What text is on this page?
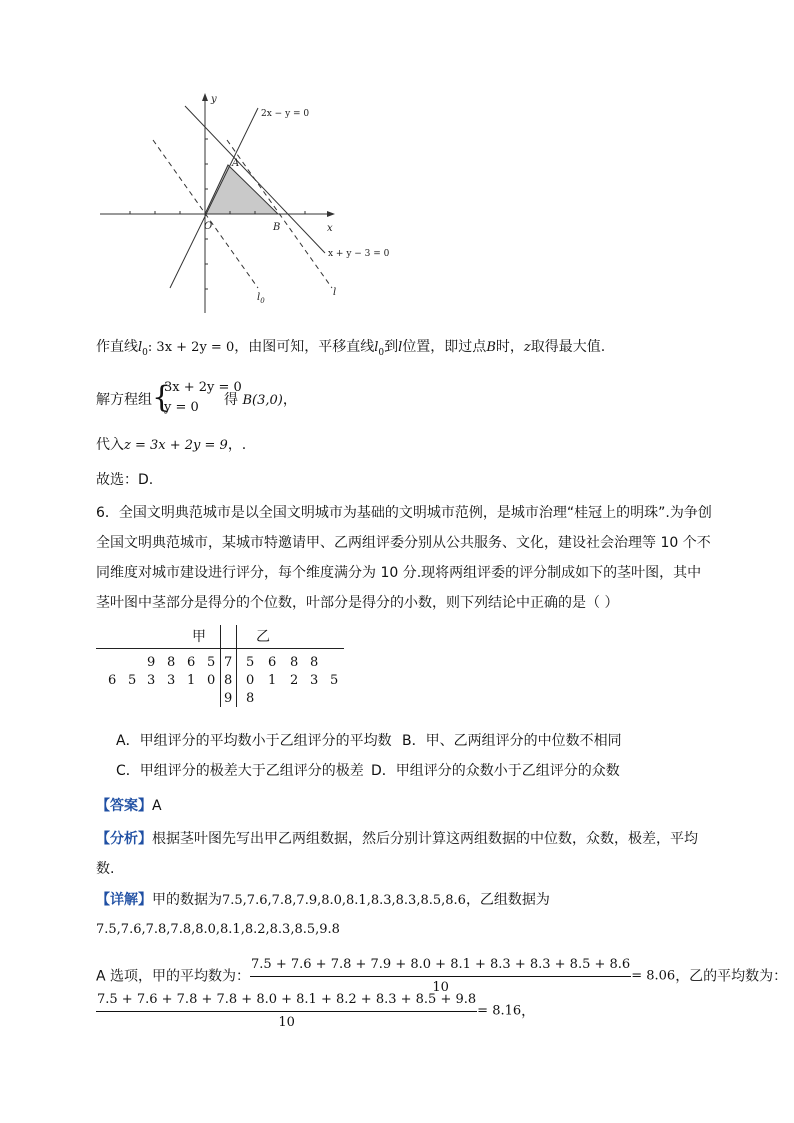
y
x
2x − y = 0
A
O	B
x + y − 3 = 0
l
$l_0$
作直线$l_0$: 3x + 2y = 0，由图可知，平移直线$l_0$到l位置，即过点B时，z取得最大值.
解方程组 {
3x + 2y = 0
y = 0 得 B(3,0)，
代入z = 3x + 2y = 9，.
故选：D.
6．全国文明典范城市是以全国文明城市为基础的文明城市范例，是城市治理“桂冠上的明珠”.为争创
全国文明典范城市，某城市特邀请甲、乙两组评委分别从公共服务、文化，建设社会治理等 10 个不
同维度对城市建设进行评分，每个维度满分为 10 分.现将两组评委的评分制成如下的茎叶图，其中
茎叶图中茎部分是得分的个位数，叶部分是得分的小数，则下列结论中正确的是（ ）
甲	乙
9 8 6 5 7 5 6 8 8
6 5 3 3 1 0 8 0 1 2 3 5
9 8
A．甲组评分的平均数小于乙组评分的平均数 B．甲、乙两组评分的中位数不相同
C．甲组评分的极差大于乙组评分的极差 D．甲组评分的众数小于乙组评分的众数
【答案】A
【分析】根据茎叶图先写出甲乙两组数据，然后分别计算这两组数据的中位数，众数，极差，平均
数.
【详解】甲的数据为7.5,7.6,7.8,7.9,8.0,8.1,8.3,8.3,8.5,8.6，乙组数据为
7.5,7.6,7.8,7.8,8.0,8.1,8.2,8.3,8.5,9.8
A 选项，甲的平均数为： $\frac{7.5 + 7.6 + 7.8 + 7.9 + 8.0 + 8.1 + 8.3 + 8.3 + 8.5 + 8.6}{10} = 8.06$，乙的平均数为：
$\frac{7.5 + 7.6 + 7.8 + 7.8 + 8.0 + 8.1 + 8.2 + 8.3 + 8.5 + 9.8}{10} = 8.16$，
